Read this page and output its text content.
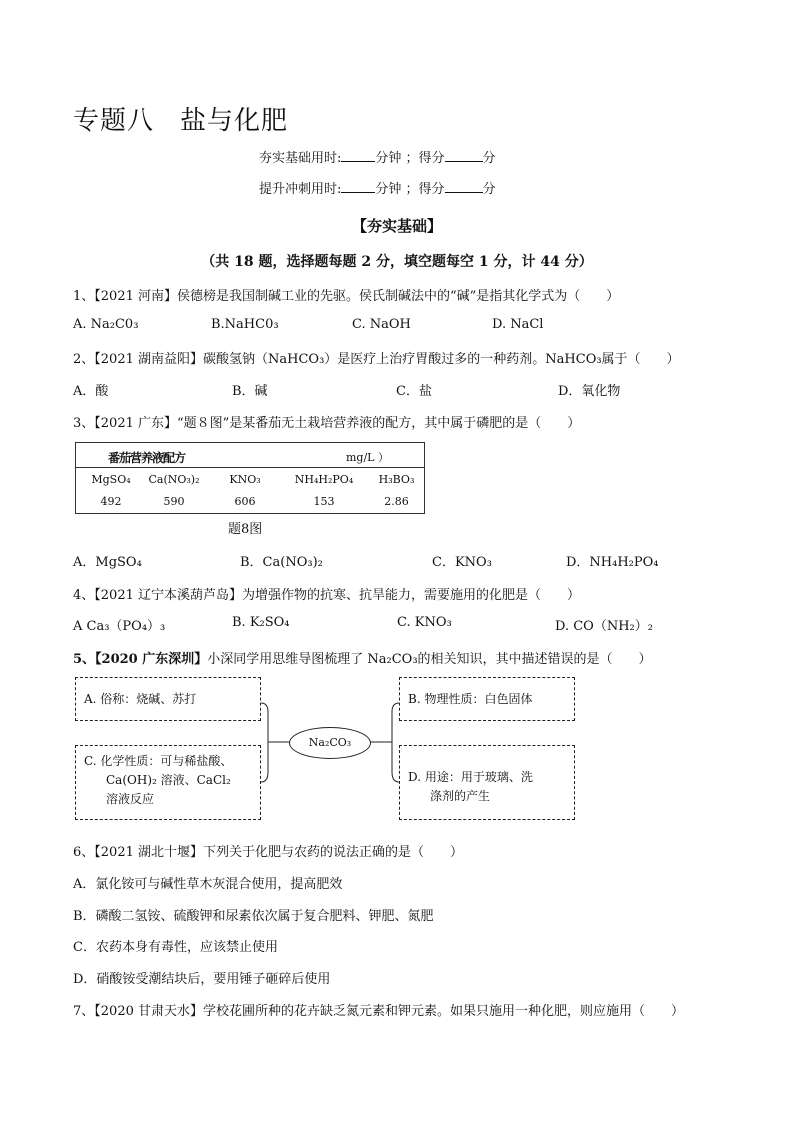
专题八 盐与化肥
夯实基础用时:	分钟 ；得分	分
提升冲刺用时:	分钟 ；得分	分
【夯实基础】
（共 18 题，选择题每题 2 分，填空题每空 1 分，计 44 分）
1、【2021 河南】侯德榜是我国制碱工业的先驱。侯氏制碱法中的“碱”是指其化学式为（　　）
A. Na₂C0₃	B.NaHC0₃	C. NaOH	D. NaCl
2、【2021 湖南益阳】碳酸氢钠（NaHCO₃）是医疗上治疗胃酸过多的一种药剂。NaHCO₃属于（　　）
A．酸	B．碱	C．盐	D．氧化物
3、【2021 广东】“题８图”是某番茄无土栽培营养液的配方，其中属于磷肥的是（　　）
番茄营养液配方	mg/L ）
MgSO₄	Ca(NO₃)₂	KNO₃	NH₄H₂PO₄	H₃BO₃
492	590	606	153	2.86
题8图
A．MgSO₄	B．Ca(NO₃)₂	C．KNO₃	D．NH₄H₂PO₄
4、【2021 辽宁本溪葫芦岛】为增强作物的抗寒、抗旱能力，需要施用的化肥是（　　）
A Ca₃（PO₄）₃	B. K₂SO₄	C. KNO₃	D. CO（NH₂）₂
5、【2020 广东深圳】小深同学用思维导图梳理了 Na₂CO₃的相关知识，其中描述错误的是（　　）
A. 俗称：烧碱、苏打	B. 物理性质：白色固体
C. 化学性质：可与稀盐酸、
Ca(OH)₂ 溶液、CaCl₂
溶液反应
D. 用途：用于玻璃、洗
涤剂的产生
Na₂CO₃
6、【2021 湖北十堰】下列关于化肥与农药的说法正确的是（　　）
A．氯化铵可与碱性草木灰混合使用，提高肥效
B．磷酸二氢铵、硫酸钾和尿素依次属于复合肥料、钾肥、氮肥
C．农药本身有毒性，应该禁止使用
D．硝酸铵受潮结块后，要用锤子砸碎后使用
7、【2020 甘肃天水】学校花圃所种的花卉缺乏氮元素和钾元素。如果只施用一种化肥，则应施用（　　）
